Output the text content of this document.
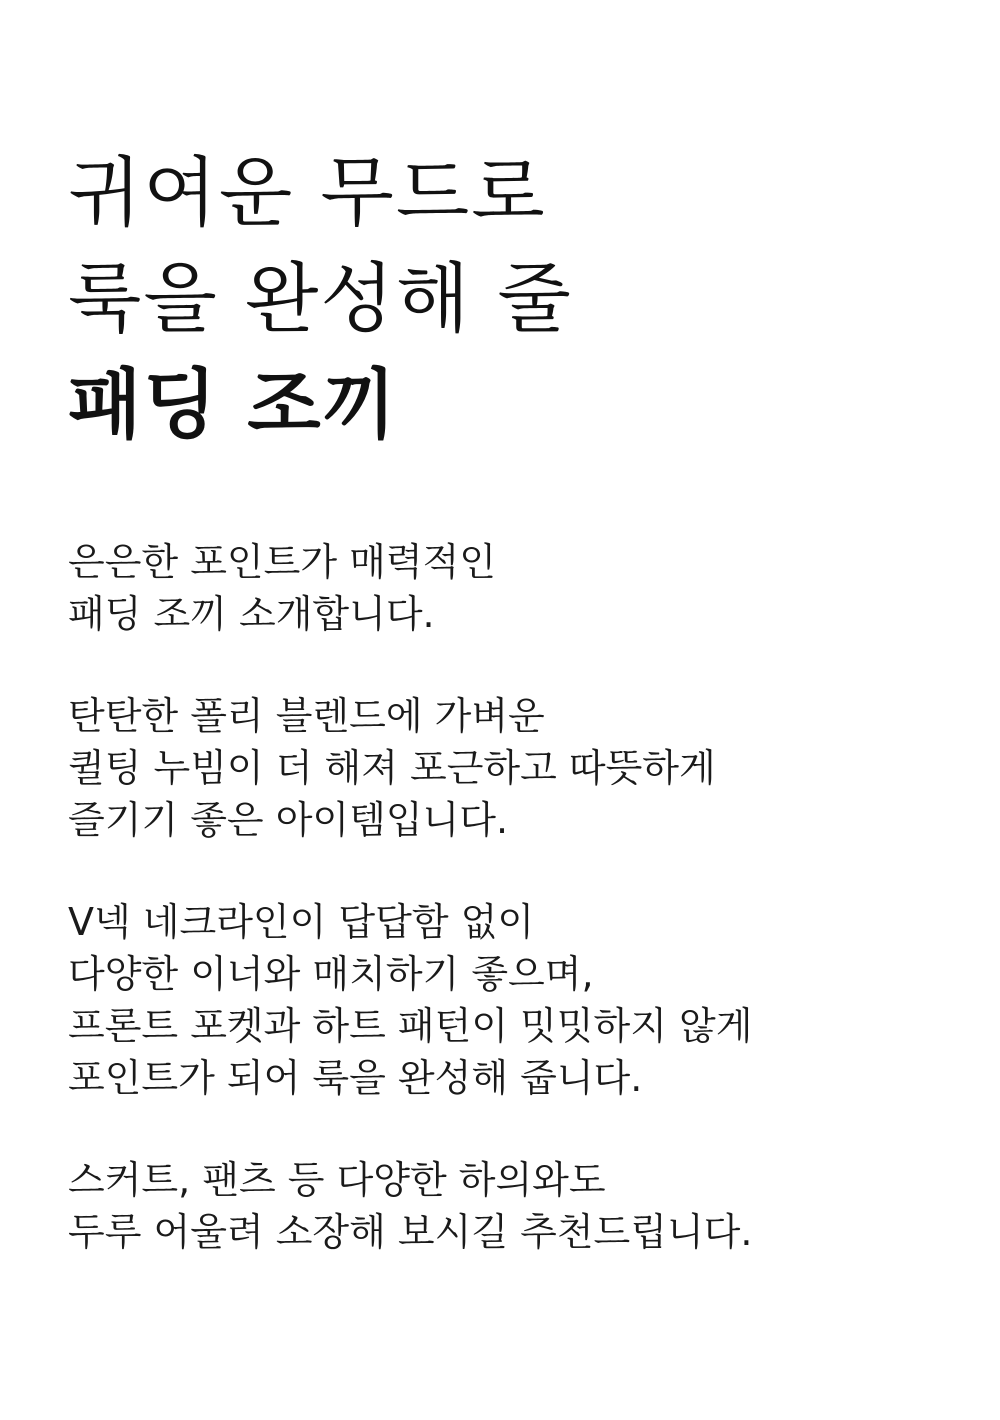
귀여운 무드로
룩을 완성해 줄
패딩 조끼

은은한 포인트가 매력적인
패딩 조끼 소개합니다.

탄탄한 폴리 블렌드에 가벼운
퀼팅 누빔이 더 해져 포근하고 따뜻하게
즐기기 좋은 아이템입니다.

V넥 네크라인이 답답함 없이
다양한 이너와 매치하기 좋으며,
프론트 포켓과 하트 패턴이 밋밋하지 않게
포인트가 되어 룩을 완성해 줍니다.

스커트, 팬츠 등 다양한 하의와도
두루 어울려 소장해 보시길 추천드립니다.
